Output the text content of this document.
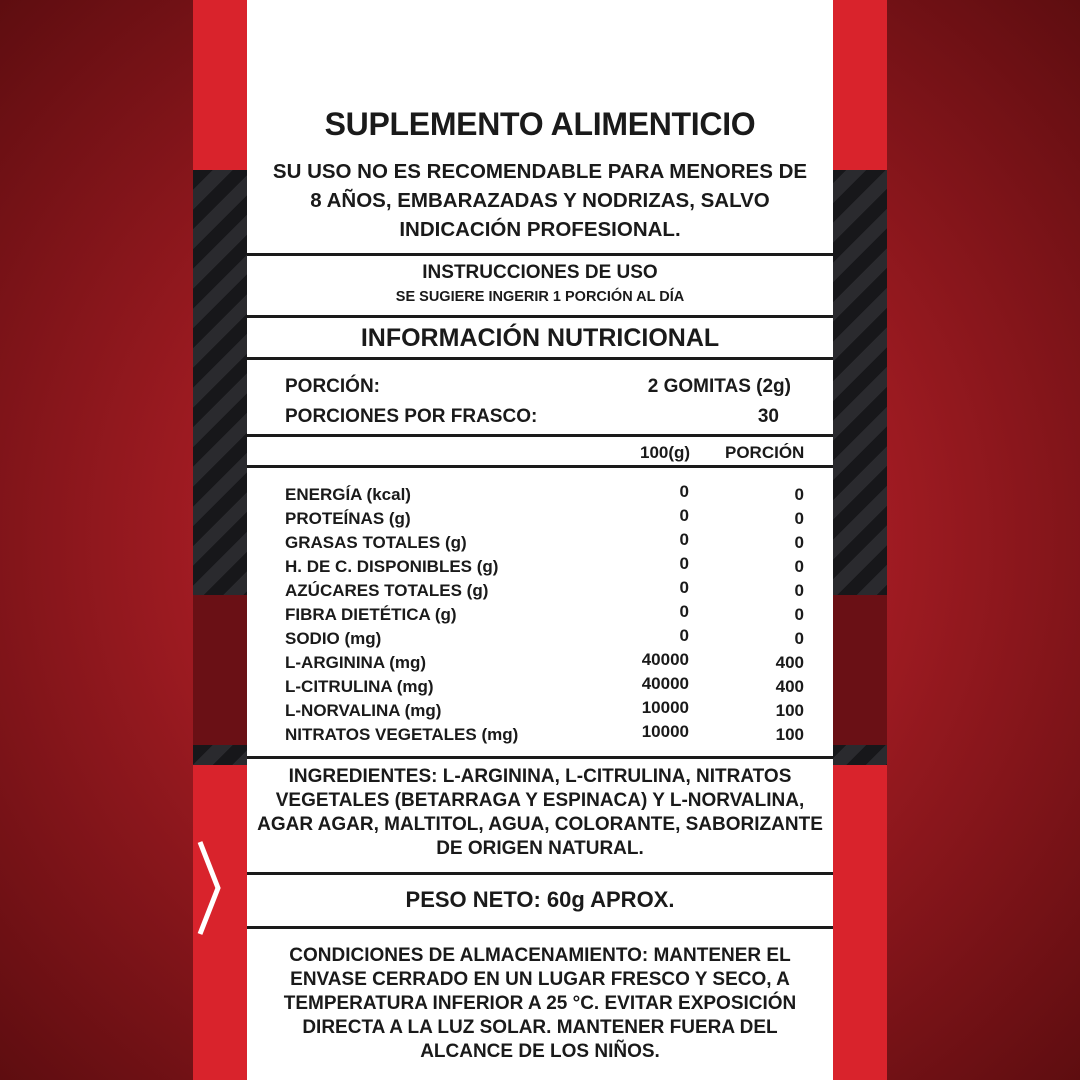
SUPLEMENTO ALIMENTICIO
SU USO NO ES RECOMENDABLE PARA MENORES DE 8 AÑOS, EMBARAZADAS Y NODRIZAS, SALVO INDICACIÓN PROFESIONAL.
INSTRUCCIONES DE USO
SE SUGIERE INGERIR 1 PORCIÓN AL DÍA
INFORMACIÓN NUTRICIONAL
PORCIÓN:	2 GOMITAS (2g)
PORCIONES POR FRASCO:	30
100(g) PORCIÓN
ENERGÍA (kcal)
PROTEÍNAS (g)
GRASAS TOTALES (g)
H. DE C. DISPONIBLES (g)
AZÚCARES TOTALES (g)
FIBRA DIETÉTICA (g)
SODIO (mg)
L-ARGININA (mg)
L-CITRULINA (mg)
L-NORVALINA (mg)
NITRATOS VEGETALES (mg)
0
0
0
0
0
0
0
40000
40000
10000
10000
0
0
0
0
0
0
0
400
400
100
100
INGREDIENTES: L-ARGININA, L-CITRULINA, NITRATOS VEGETALES (BETARRAGA Y ESPINACA) Y L-NORVALINA, AGAR AGAR, MALTITOL, AGUA, COLORANTE, SABORIZANTE DE ORIGEN NATURAL.
PESO NETO: 60g APROX.
CONDICIONES DE ALMACENAMIENTO: MANTENER EL ENVASE CERRADO EN UN LUGAR FRESCO Y SECO, A TEMPERATURA INFERIOR A 25 °C. EVITAR EXPOSICIÓN DIRECTA A LA LUZ SOLAR. MANTENER FUERA DEL ALCANCE DE LOS NIÑOS.
